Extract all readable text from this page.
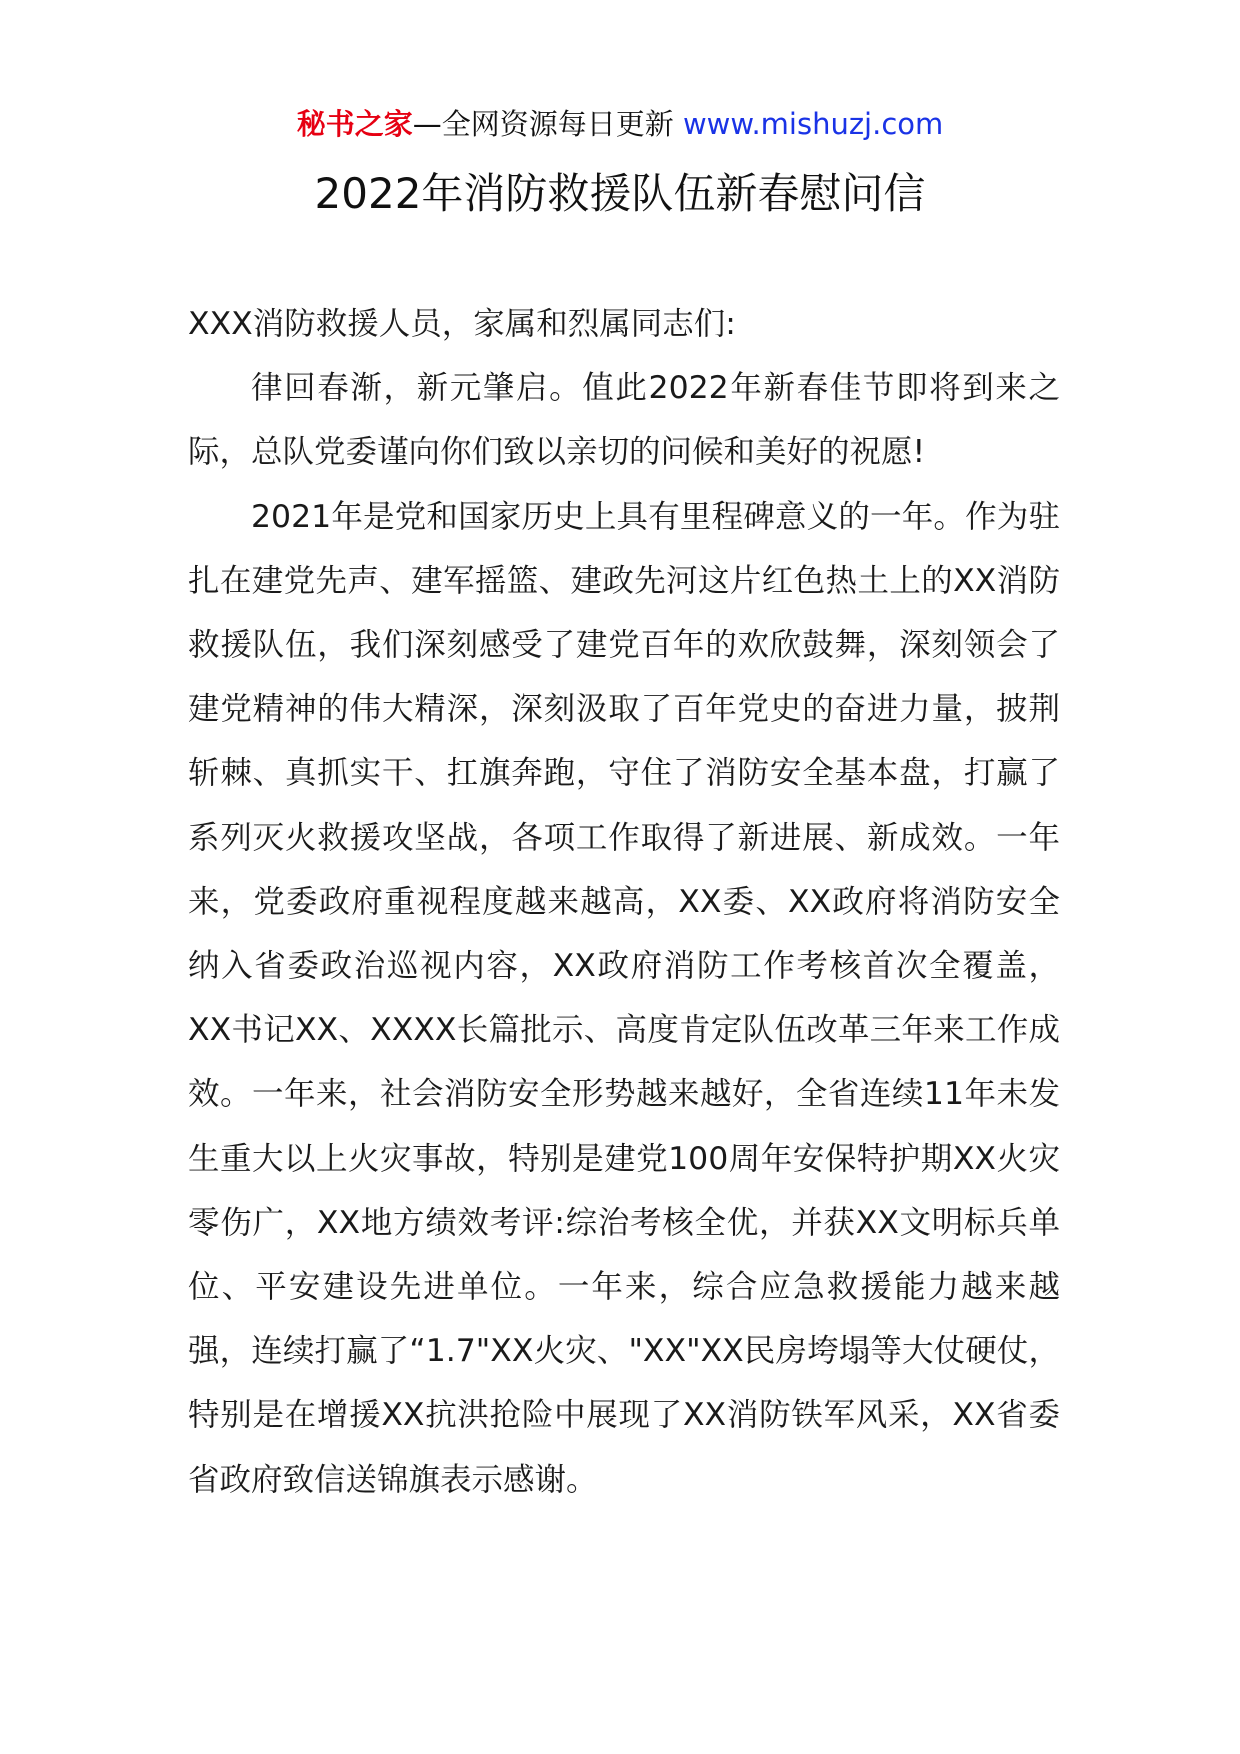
秘书之家—全网资源每日更新 www.mishuzj.com
2022年消防救援队伍新春慰问信

XXX消防救援人员，家属和烈属同志们:

律回春渐，新元肇启。值此2022年新春佳节即将到来之际，总队党委谨向你们致以亲切的问候和美好的祝愿!

2021年是党和国家历史上具有里程碑意义的一年。作为驻扎在建党先声、建军摇篮、建政先河这片红色热土上的XX消防救援队伍，我们深刻感受了建党百年的欢欣鼓舞，深刻领会了建党精神的伟大精深，深刻汲取了百年党史的奋进力量，披荆斩棘、真抓实干、扛旗奔跑，守住了消防安全基本盘，打赢了系列灭火救援攻坚战，各项工作取得了新进展、新成效。一年来，党委政府重视程度越来越高，XX委、XX政府将消防安全纳入省委政治巡视内容，XX政府消防工作考核首次全覆盖，XX书记XX、XXXX长篇批示、高度肯定队伍改革三年来工作成效。一年来，社会消防安全形势越来越好，全省连续11年未发生重大以上火灾事故，特别是建党100周年安保特护期XX火灾零伤广，XX地方绩效考评:综治考核全优，并获XX文明标兵单位、平安建设先进单位。一年来，综合应急救援能力越来越强，连续打赢了“1.7"XX火灾、"XX"XX民房垮塌等大仗硬仗，特别是在增援XX抗洪抢险中展现了XX消防铁军风采，XX省委省政府致信送锦旗表示感谢。
